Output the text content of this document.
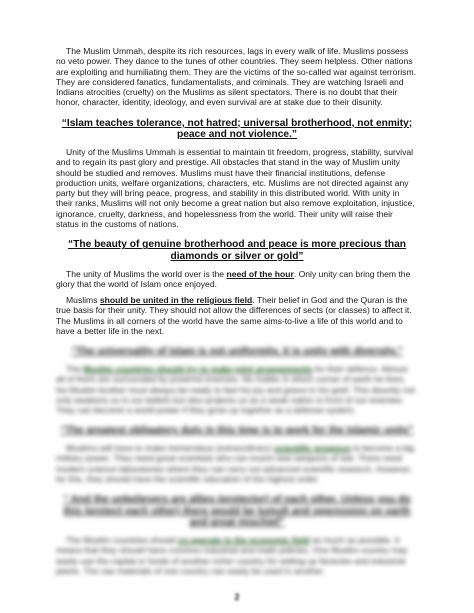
The Muslim Ummah, despite its rich resources, lags in every walk of life. Muslims possess no veto power. They dance to the tunes of other countries. They seem helpless. Other nations are exploiting and humiliating them. They are the victims of the so-called war against terrorism. They are considered fanatics, fundamentalists, and criminals. They are watching Israeli and Indians atrocities (cruelty) on the Muslims as silent spectators. There is no doubt that their honor, character, identity, ideology, and even survival are at stake due to their disunity.

“Islam teaches tolerance, not hatred; universal brotherhood, not enmity; peace and not violence.”

Unity of the Muslims Ummah is essential to maintain tit freedom, progress, stability, survival and to regain its past glory and prestige. All obstacles that stand in the way of Muslim unity should be studied and removes. Muslims must have their financial institutions, defense production units, welfare organizations, characters, etc. Muslims are not directed against any party but they will bring peace, progress, and stability in this distributed world. With unity in their ranks, Muslims will not only become a great nation but also remove exploitation, injustice, ignorance, cruelty, darkness, and hopelessness from the world. Their unity will raise their status in the customs of nations.

“The beauty of genuine brotherhood and peace is more precious than diamonds or silver or gold”

The unity of Muslims the world over is the need of the hour. Only unity can bring them the glory that the world of Islam once enjoyed.

Muslims should be united in the religious field. Their belief in God and the Quran is the true basis for their unity. They should not allow the differences of sects (or classes) to affect it. The Muslims in all corners of the world have the same aims-to-live a life of this world and to have a better life in the next.

“The universality of Islam is not uniformity, it is unity with diversity.”

The Muslim countries should try to make joint arrangements for their defence. Almost all of them are surrounded by powerful enemies. No matter in which corner of earth he lives, his Muslim brother must always be ready to feel his joy and grieve in his grief. This disunity not only weakens us in our beliefs but also projects us as a weak nation in front of our enemies. They can become a world power if they grow up together as a defense system.

“The greatest obligatory duty in this time is to work for the Islamic unity”

Muslims will have to make tremendous (extraordinary) scientific progress to become a big military power. They need great scientists who can invent new weapons of war. There need modern science laboratories where they can carry out advanced scientific research. However, for this, they should have the scientific education of the highest order.

“ And the unbelievers are allies (protector) of each other. Unless you do this (protect each other) there would be tumult and oppression on earth and great mischief”

The Muslim countries should co-operate in the economic field as much as possible. It means that they should have common industrial and trade policies. One Muslim country may easily use the capital or funds of another richer country for setting up factories and industrial plants. The raw materials of one country can easily be used in another.

2
